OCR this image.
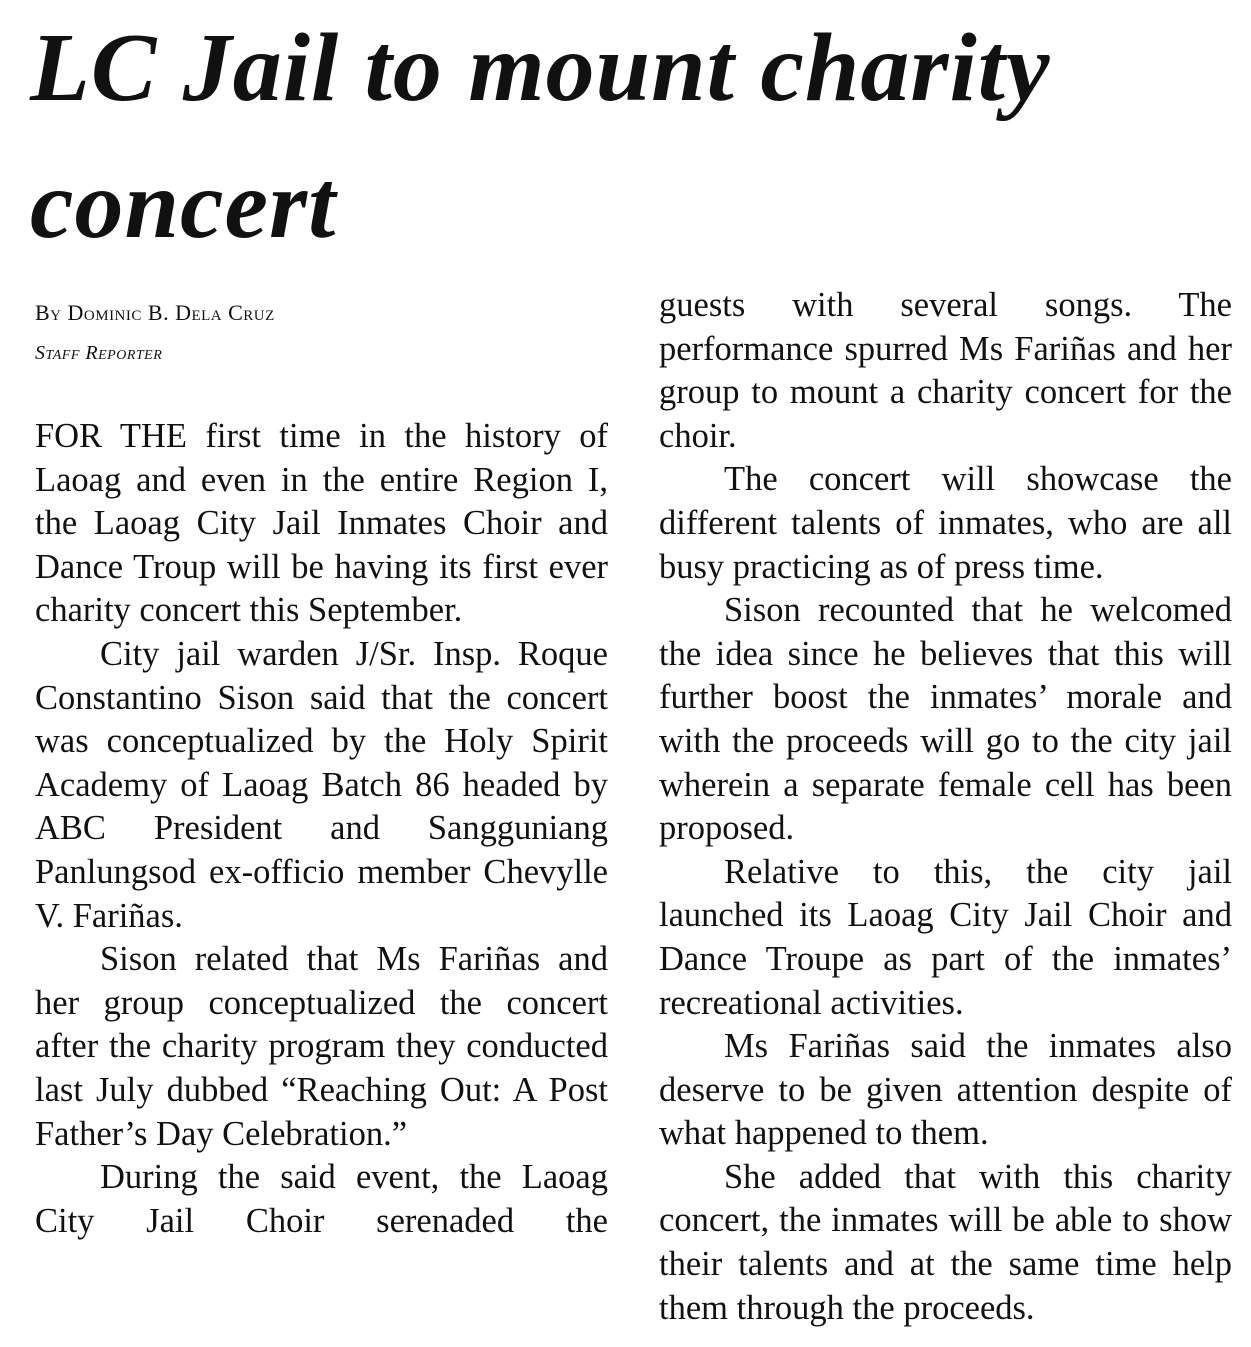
LC Jail to mount charity concert
By Dominic B. Dela Cruz
Staff Reporter

FOR THE first time in the history of Laoag and even in the entire Region I, the Laoag City Jail Inmates Choir and Dance Troup will be having its first ever charity concert this September.

City jail warden J/Sr. Insp. Roque Constantino Sison said that the concert was conceptualized by the Holy Spirit Academy of Laoag Batch 86 headed by ABC President and Sangguniang Panlungsod ex-officio member Chevylle V. Fariñas.

Sison related that Ms Fariñas and her group conceptualized the concert after the charity program they conducted last July dubbed “Reaching Out: A Post Father’s Day Celebration.”

During the said event, the Laoag City Jail Choir serenaded the

guests with several songs. The performance spurred Ms Fariñas and her group to mount a charity concert for the choir.

The concert will showcase the different talents of inmates, who are all busy practicing as of press time.

Sison recounted that he welcomed the idea since he believes that this will further boost the inmates’ morale and with the proceeds will go to the city jail wherein a separate female cell has been proposed.

Relative to this, the city jail launched its Laoag City Jail Choir and Dance Troupe as part of the inmates’ recreational activities.

Ms Fariñas said the inmates also deserve to be given attention despite of what happened to them.

She added that with this charity concert, the inmates will be able to show their talents and at the same time help them through the proceeds.
